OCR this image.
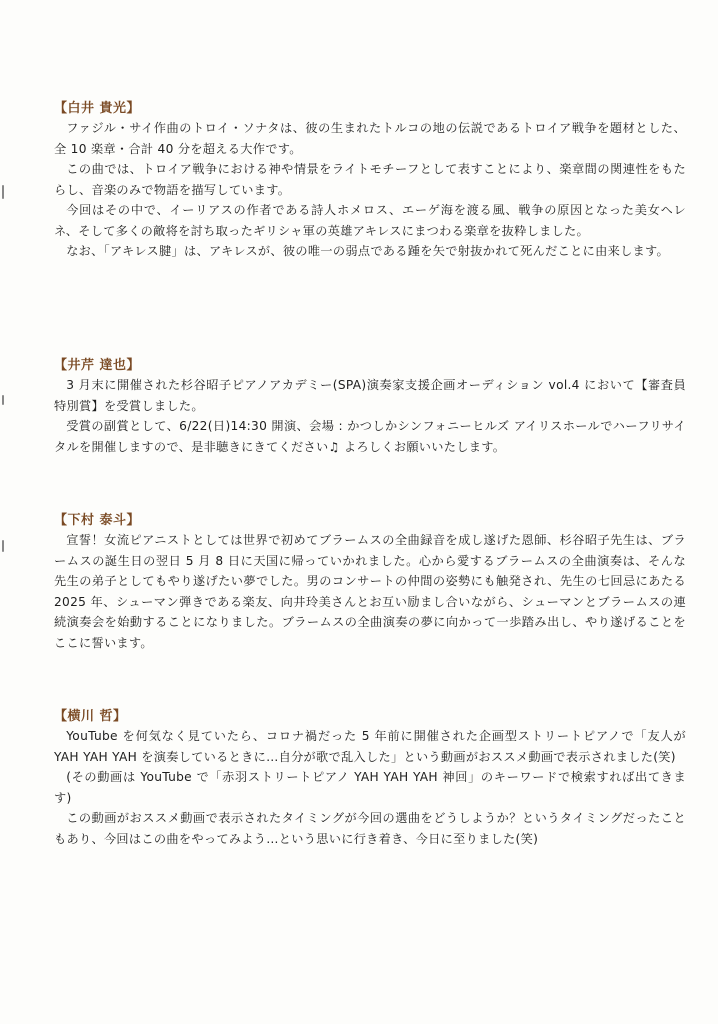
【白井 貴光】

ファジル・サイ作曲のトロイ・ソナタは、彼の生まれたトルコの地の伝説であるトロイア戦争を題材とした、全 10 楽章・合計 40 分を超える大作です。

この曲では、トロイア戦争における神や情景をライトモチーフとして表すことにより、楽章間の関連性をもたらし、音楽のみで物語を描写しています。

今回はその中で、イーリアスの作者である詩人ホメロス、エーゲ海を渡る風、戦争の原因となった美女ヘレネ、そして多くの敵将を討ち取ったギリシャ軍の英雄アキレスにまつわる楽章を抜粋しました。

なお、「アキレス腱」は、アキレスが、彼の唯一の弱点である踵を矢で射抜かれて死んだことに由来します。

【井芹 達也】

3 月末に開催された杉谷昭子ピアノアカデミー(SPA)演奏家支援企画オーディション vol.4 において【審査員特別賞】を受賞しました。

受賞の副賞として、6/22(日)14:30 開演、会場 : かつしかシンフォニーヒルズ アイリスホールでハーフリサイタルを開催しますので、是非聴きにきてください♫ よろしくお願いいたします。

【下村 泰斗】

宣誓！女流ピアニストとしては世界で初めてブラームスの全曲録音を成し遂げた恩師、杉谷昭子先生は、ブラームスの誕生日の翌日 5 月 8 日に天国に帰っていかれました。心から愛するブラームスの全曲演奏は、そんな先生の弟子としてもやり遂げたい夢でした。男のコンサートの仲間の姿勢にも触発され、先生の七回忌にあたる 2025 年、シューマン弾きである楽友、向井玲美さんとお互い励まし合いながら、シューマンとブラームスの連続演奏会を始動することになりました。ブラームスの全曲演奏の夢に向かって一歩踏み出し、やり遂げることをここに誓います。

【横川 哲】

YouTube を何気なく見ていたら、コロナ禍だった 5 年前に開催された企画型ストリートピアノで「友人が YAH YAH YAH を演奏しているときに…自分が歌で乱入した」という動画がおススメ動画で表示されました(笑)

(その動画は YouTube で「赤羽ストリートピアノ YAH YAH YAH 神回」のキーワードで検索すれば出てきます)

この動画がおススメ動画で表示されたタイミングが今回の選曲をどうしようか？というタイミングだったこともあり、今回はこの曲をやってみよう…という思いに行き着き、今日に至りました(笑)
